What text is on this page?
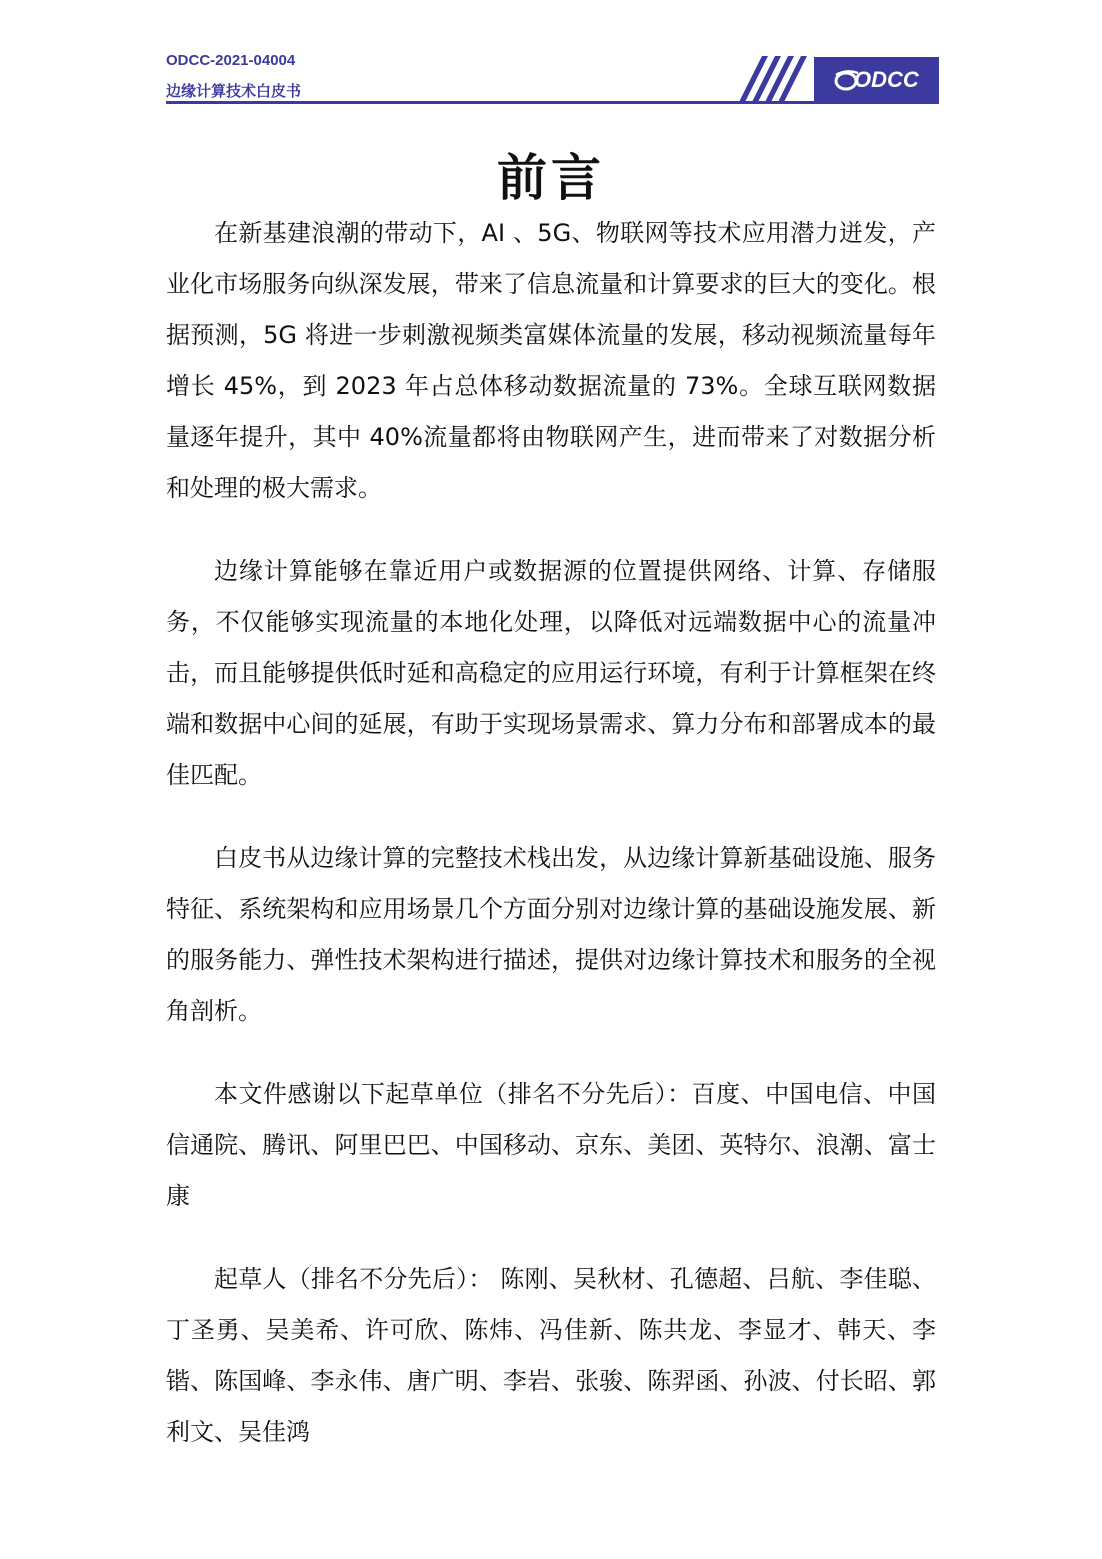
ODCC-2021-04004
边缘计算技术白皮书	ODCC
前言

在新基建浪潮的带动下，AI 、5G、物联网等技术应用潜力迸发，产业化市场服务向纵深发展，带来了信息流量和计算要求的巨大的变化。根据预测，5G 将进一步刺激视频类富媒体流量的发展，移动视频流量每年增长 45%，到 2023 年占总体移动数据流量的 73%。全球互联网数据量逐年提升，其中 40%流量都将由物联网产生，进而带来了对数据分析和处理的极大需求。

边缘计算能够在靠近用户或数据源的位置提供网络、计算、存储服务，不仅能够实现流量的本地化处理，以降低对远端数据中心的流量冲击，而且能够提供低时延和高稳定的应用运行环境，有利于计算框架在终端和数据中心间的延展，有助于实现场景需求、算力分布和部署成本的最佳匹配。

白皮书从边缘计算的完整技术栈出发，从边缘计算新基础设施、服务特征、系统架构和应用场景几个方面分别对边缘计算的基础设施发展、新的服务能力、弹性技术架构进行描述，提供对边缘计算技术和服务的全视角剖析。

本文件感谢以下起草单位（排名不分先后）：百度、中国电信、中国信通院、腾讯、阿里巴巴、中国移动、京东、美团、英特尔、浪潮、富士康

起草人（排名不分先后）： 陈刚、吴秋材、孔德超、吕航、李佳聪、丁圣勇、吴美希、许可欣、陈炜、冯佳新、陈共龙、李显才、韩天、李锴、陈国峰、李永伟、唐广明、李岩、张骏、陈羿函、孙波、付长昭、郭利文、吴佳鸿
